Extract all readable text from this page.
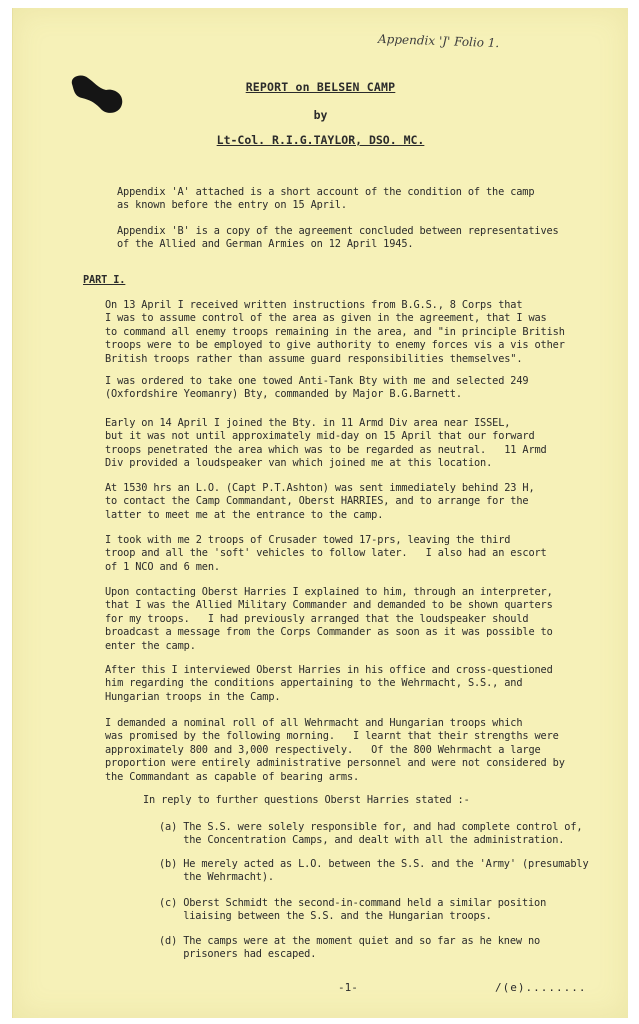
Appendix 'J' Folio 1.
REPORT on BELSEN CAMP
by
Lt-Col. R.I.G.TAYLOR, DSO. MC.
Appendix 'A' attached is a short account of the condition of the camp
as known before the entry on 15 April.
Appendix 'B' is a copy of the agreement concluded between representatives
of the Allied and German Armies on 12 April 1945.
PART I.
On 13 April I received written instructions from B.G.S., 8 Corps that
I was to assume control of the area as given in the agreement, that I was
to command all enemy troops remaining in the area, and "in principle British
troops were to be employed to give authority to enemy forces vis a vis other
British troops rather than assume guard responsibilities themselves".
I was ordered to take one towed Anti-Tank Bty with me and selected 249
(Oxfordshire Yeomanry) Bty, commanded by Major B.G.Barnett.
Early on 14 April I joined the Bty. in 11 Armd Div area near ISSEL,
but it was not until approximately mid-day on 15 April that our forward
troops penetrated the area which was to be regarded as neutral.   11 Armd
Div provided a loudspeaker van which joined me at this location.
At 1530 hrs an L.O. (Capt P.T.Ashton) was sent immediately behind 23 H,
to contact the Camp Commandant, Oberst HARRIES, and to arrange for the
latter to meet me at the entrance to the camp.
I took with me 2 troops of Crusader towed 17-prs, leaving the third
troop and all the 'soft' vehicles to follow later.   I also had an escort
of 1 NCO and 6 men.
Upon contacting Oberst Harries I explained to him, through an interpreter,
that I was the Allied Military Commander and demanded to be shown quarters
for my troops.   I had previously arranged that the loudspeaker should
broadcast a message from the Corps Commander as soon as it was possible to
enter the camp.
After this I interviewed Oberst Harries in his office and cross-questioned
him regarding the conditions appertaining to the Wehrmacht, S.S., and
Hungarian troops in the Camp.
I demanded a nominal roll of all Wehrmacht and Hungarian troops which
was promised by the following morning.   I learnt that their strengths were
approximately 800 and 3,000 respectively.   Of the 800 Wehrmacht a large
proportion were entirely administrative personnel and were not considered by
the Commandant as capable of bearing arms.
In reply to further questions Oberst Harries stated :-
(a) The S.S. were solely responsible for, and had complete control of,
the Concentration Camps, and dealt with all the administration.
(b) He merely acted as L.O. between the S.S. and the 'Army' (presumably
the Wehrmacht).
(c) Oberst Schmidt the second-in-command held a similar position
liaising between the S.S. and the Hungarian troops.
(d) The camps were at the moment quiet and so far as he knew no
prisoners had escaped.
-1-	/(e)........
